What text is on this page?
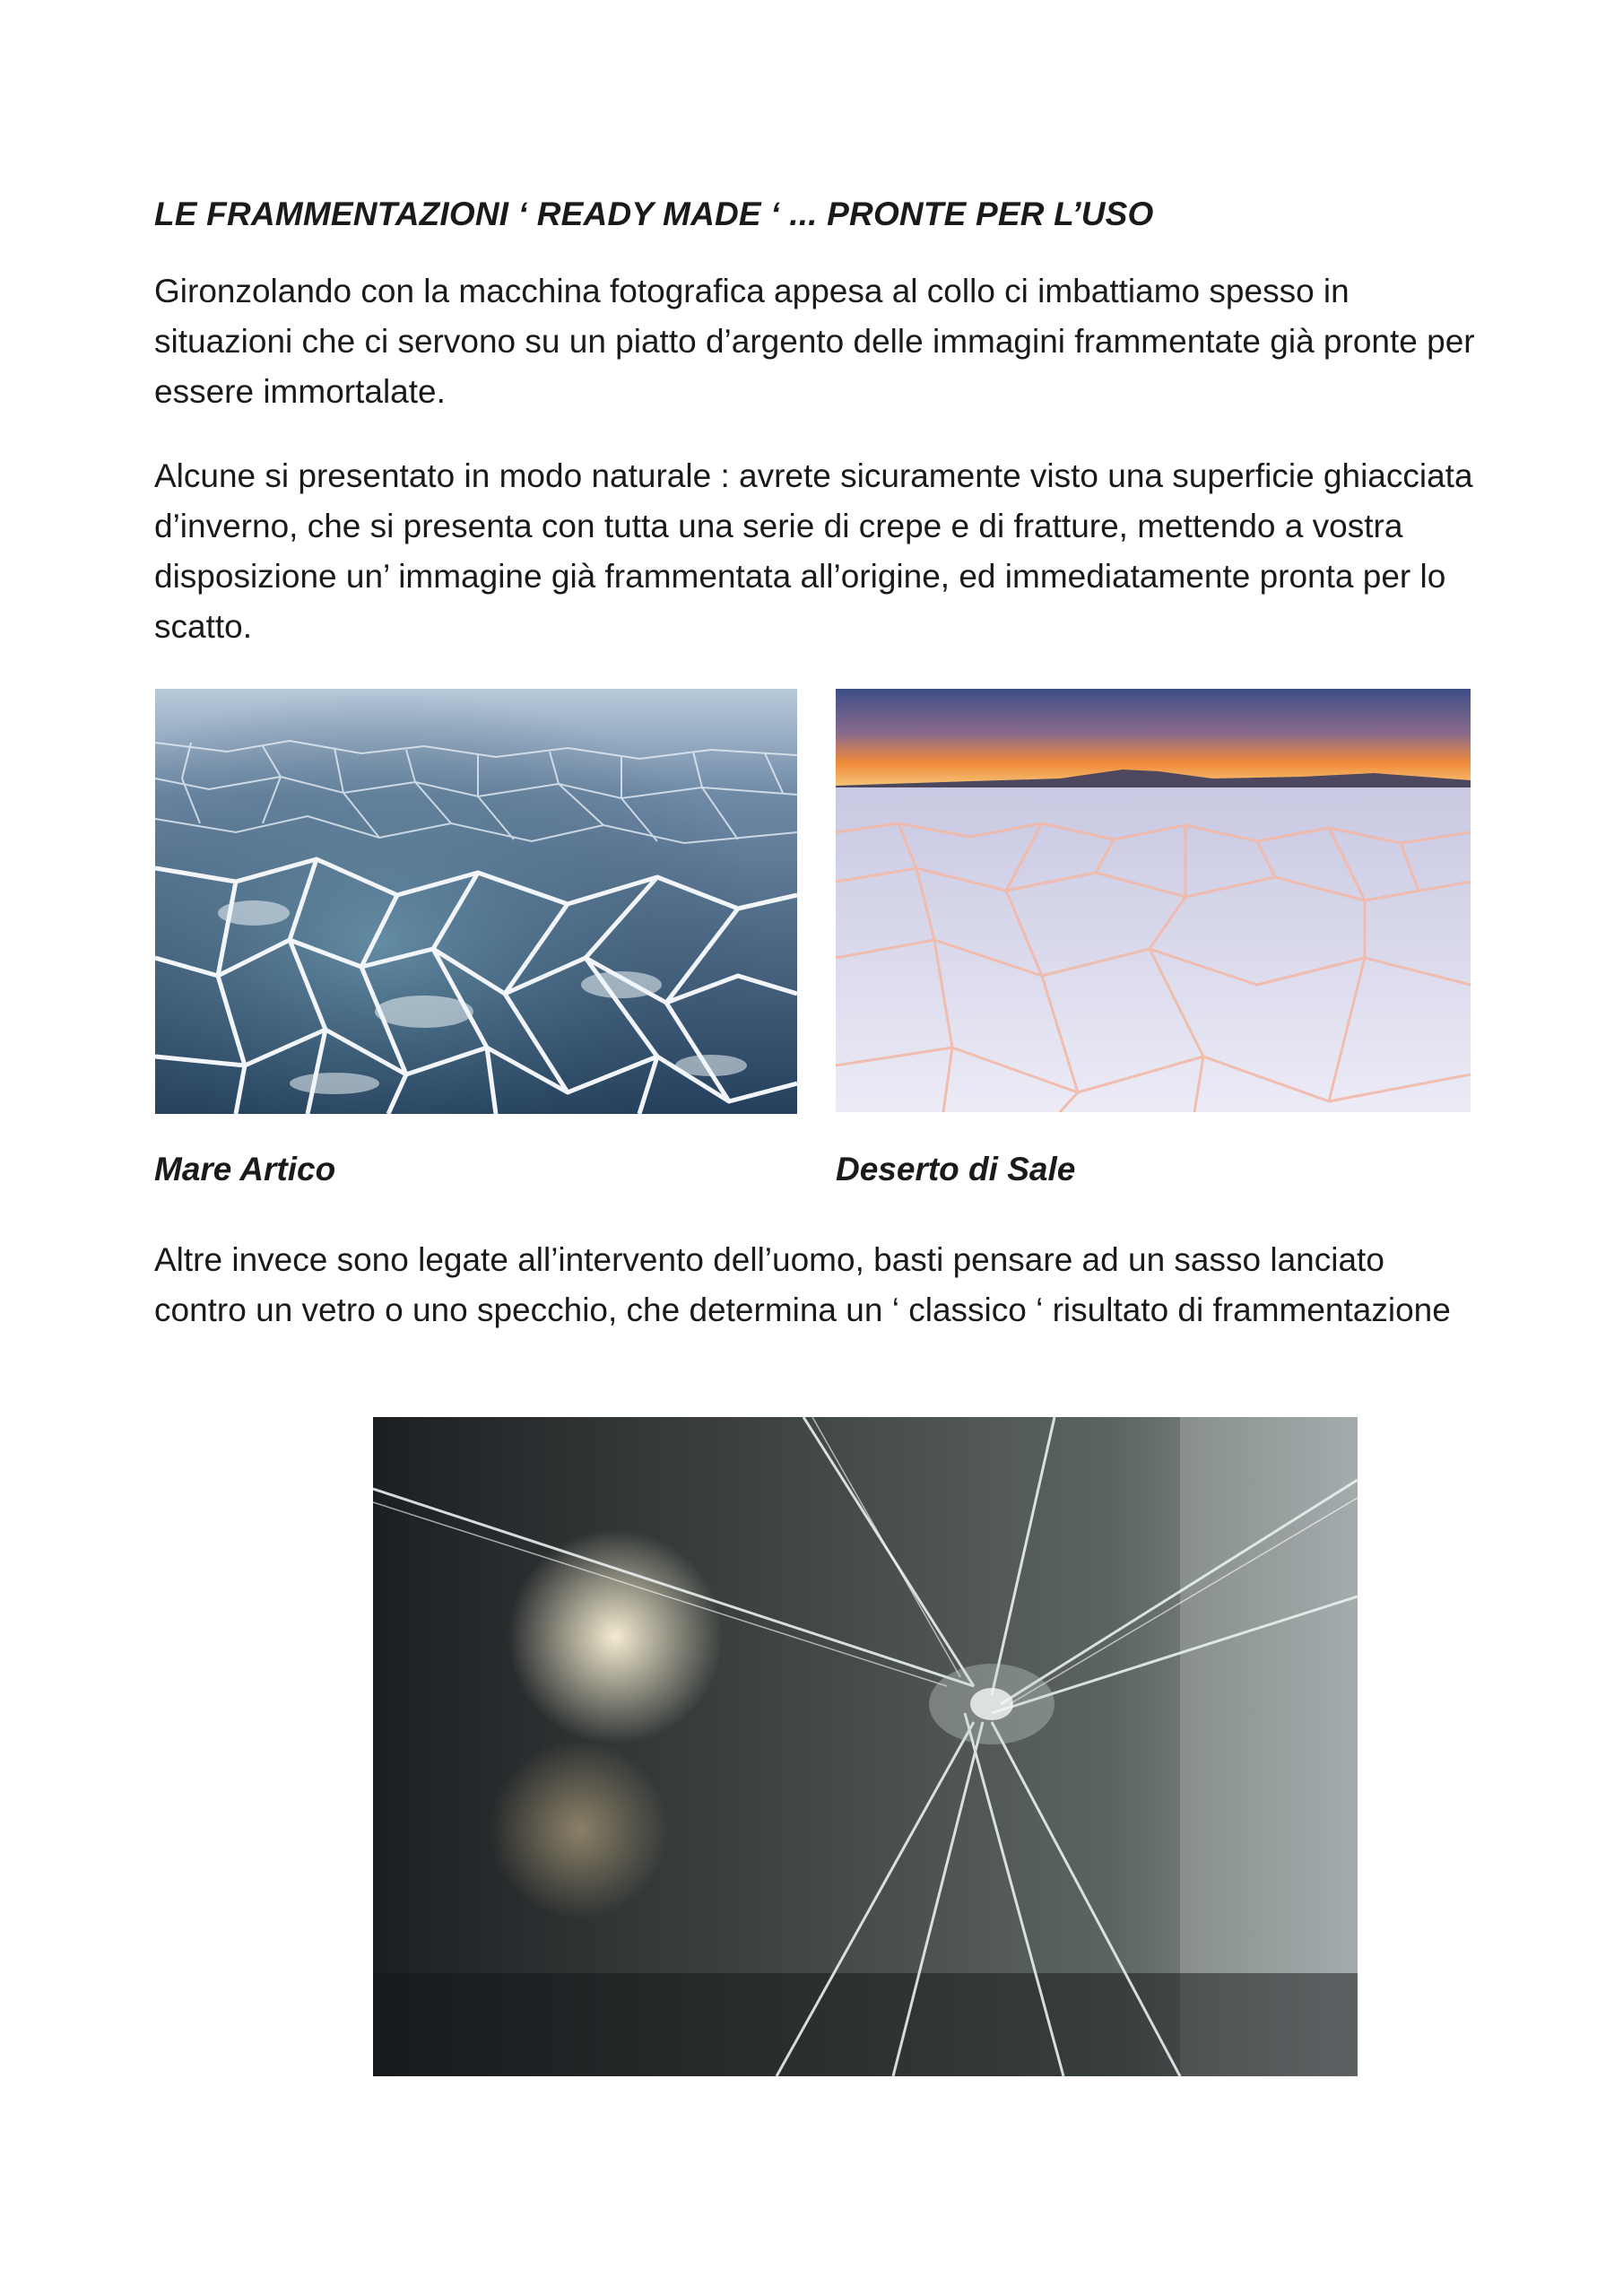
LE FRAMMENTAZIONI ‘ READY MADE ‘ ... PRONTE PER L’USO

Gironzolando con la macchina fotografica appesa al collo ci imbattiamo spesso in situazioni che ci servono su un piatto d’argento delle immagini frammentate già pronte per essere immortalate.

Alcune si presentato in modo naturale : avrete sicuramente visto una superficie ghiacciata d’inverno, che si presenta con tutta una serie di crepe e di fratture, mettendo a vostra disposizione un’ immagine già frammentata all’origine, ed immediatamente pronta per lo scatto.

Mare Artico	Deserto di Sale

Altre invece sono legate all’intervento dell’uomo, basti pensare ad un sasso lanciato contro un vetro o uno specchio, che determina un ‘ classico ‘ risultato di frammentazione
